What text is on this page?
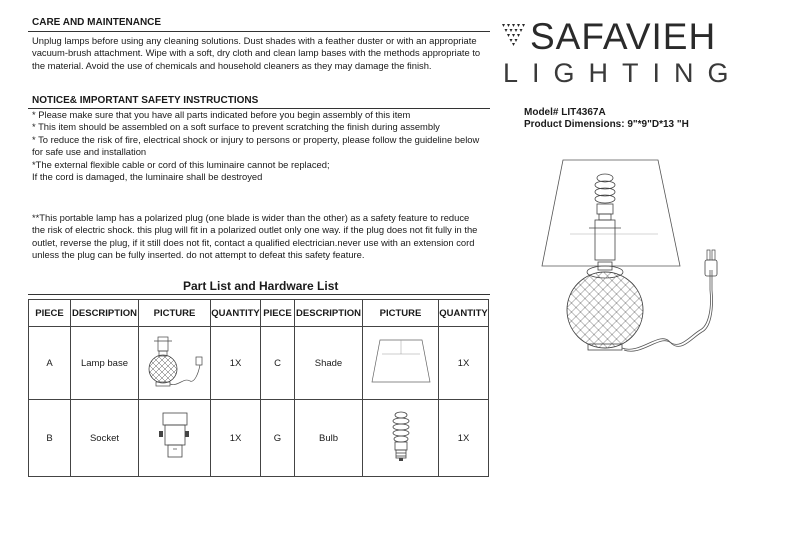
CARE AND MAINTENANCE
Unplug lamps before using any cleaning solutions. Dust shades with a feather duster or with an appropriate
vacuum-brush attachment. Wipe with a soft, dry cloth and clean lamp bases with the methods appropriate to
the material. Avoid the use of chemicals and household cleaners as they may damage the finish.
NOTICE& IMPORTANT SAFETY INSTRUCTIONS
* Please make sure that you have all parts indicated before you begin assembly of this item
* This item should be assembled on a soft surface to prevent scratching the finish during assembly
* To reduce the risk of fire, electrical shock or injury to persons or property, please follow the guideline below
for safe use and installation
*The external flexible cable or cord of this luminaire cannot be replaced;
If the cord is damaged, the luminaire shall be destroyed
**This portable lamp has a polarized plug (one blade is wider than the other) as a safety feature to reduce
the risk of electric shock. this plug will fit in a polarized outlet only one way. if the plug does not fit fully in the
outlet, reverse the plug, if it still does not fit, contact a qualified electrician.never use with an extension cord
unless the plug can be fully inserted. do not attempt to defeat this safety feature.
SAFAVIEH
LIGHTING
Model# LIT4367A
Product Dimensions: 9"*9"D*13 "H
Part List and Hardware List
PIECE	DESCRIPTION	PICTURE	QUANTITY	PIECE	DESCRIPTION	PICTURE	QUANTITY
A	Lamp base		1X	C	Shade		1X
B	Socket		1X	G	Bulb		1X
